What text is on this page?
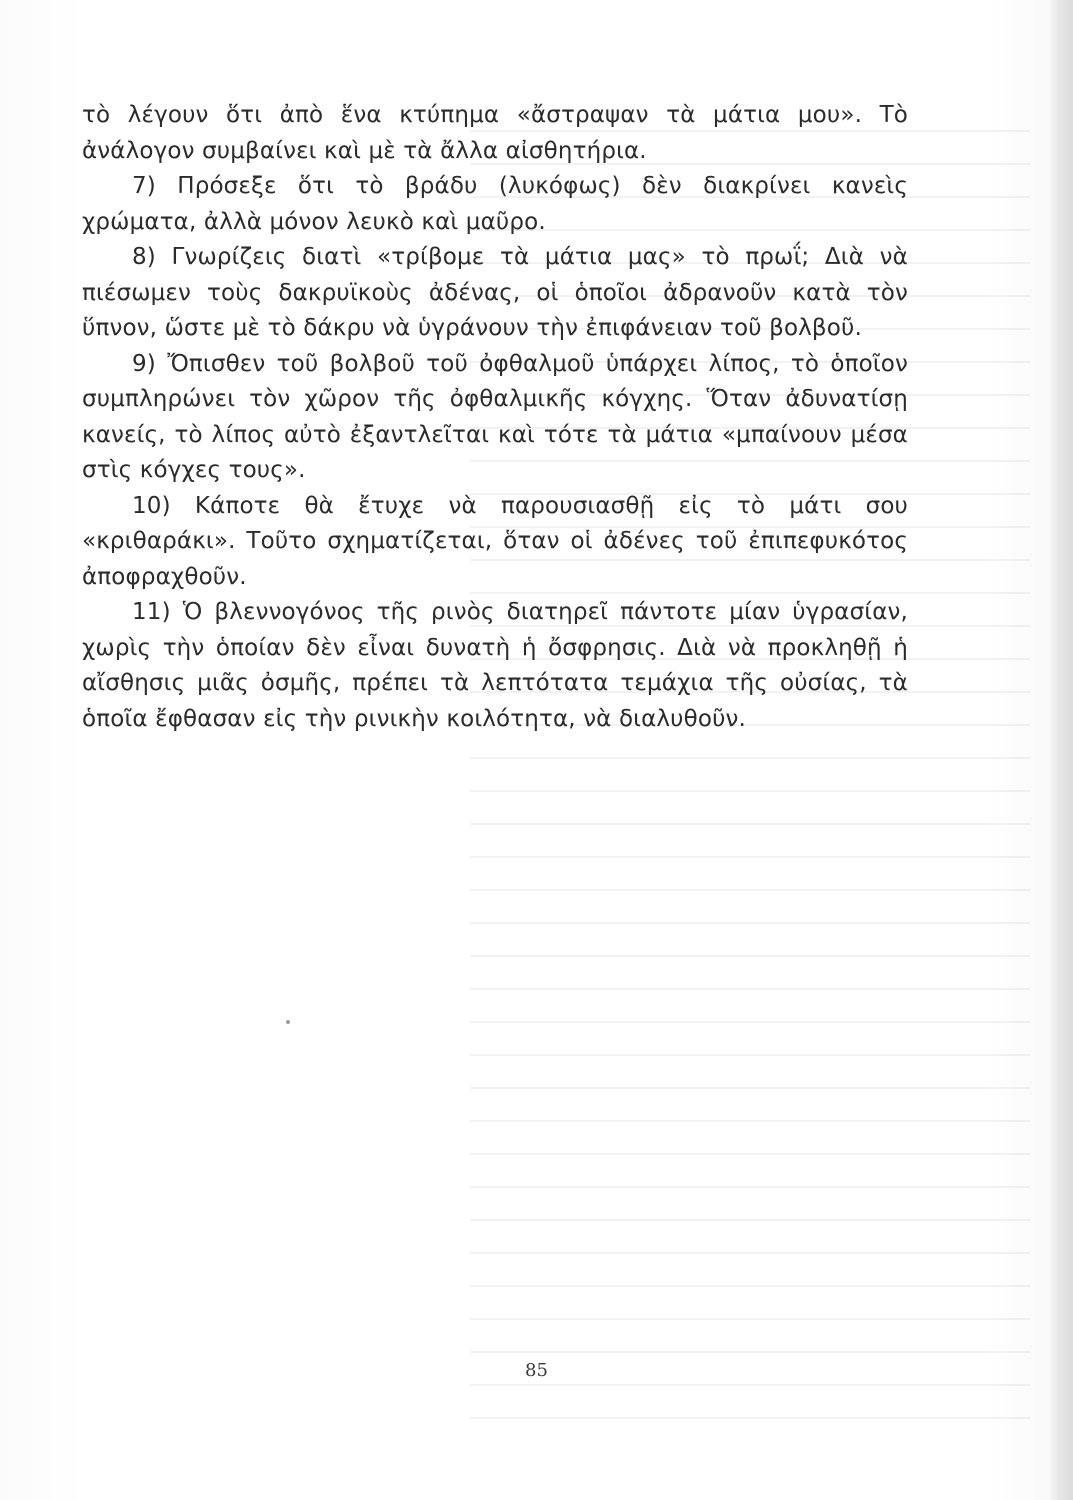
τὸ λέγουν ὅτι ἀπὸ ἕνα κτύπημα «ἄστραψαν τὰ μάτια μου». Τὸ ἀνάλογον συμβαίνει καὶ μὲ τὰ ἄλλα αἰσθητήρια.

7) Πρόσεξε ὅτι τὸ βράδυ (λυκόφως) δὲν διακρίνει κανεὶς χρώματα, ἀλλὰ μόνον λευκὸ καὶ μαῦρο.

8) Γνωρίζεις διατὶ «τρίβομε τὰ μάτια μας» τὸ πρωΐ; Διὰ νὰ πιέσωμεν τοὺς δακρυϊκοὺς ἀδένας, οἱ ὁποῖοι ἀδρανοῦν κατὰ τὸν ὕπνον, ὥστε μὲ τὸ δάκρυ νὰ ὑγράνουν τὴν ἐπιφάνειαν τοῦ βολβοῦ.

9) Ὄπισθεν τοῦ βολβοῦ τοῦ ὀφθαλμοῦ ὑπάρχει λίπος, τὸ ὁποῖον συμπληρώνει τὸν χῶρον τῆς ὀφθαλμικῆς κόγχης. Ὅταν ἀδυνατίσῃ κανείς, τὸ λίπος αὐτὸ ἐξαντλεῖται καὶ τότε τὰ μάτια «μπαίνουν μέσα στὶς κόγχες τους».

10) Κάποτε θὰ ἔτυχε νὰ παρουσιασθῇ εἰς τὸ μάτι σου «κριθαράκι». Τοῦτο σχηματίζεται, ὅταν οἱ ἀδένες τοῦ ἐπιπεφυκότος ἀποφραχθοῦν.

11) Ὁ βλεννογόνος τῆς ρινὸς διατηρεῖ πάντοτε μίαν ὑγρασίαν, χωρὶς τὴν ὁποίαν δὲν εἶναι δυνατὴ ἡ ὄσφρησις. Διὰ νὰ προκληθῇ ἡ αἴσθησις μιᾶς ὀσμῆς, πρέπει τὰ λεπτότατα τεμάχια τῆς οὐσίας, τὰ ὁποῖα ἔφθασαν εἰς τὴν ρινικὴν κοιλότητα, νὰ διαλυθοῦν.

85
